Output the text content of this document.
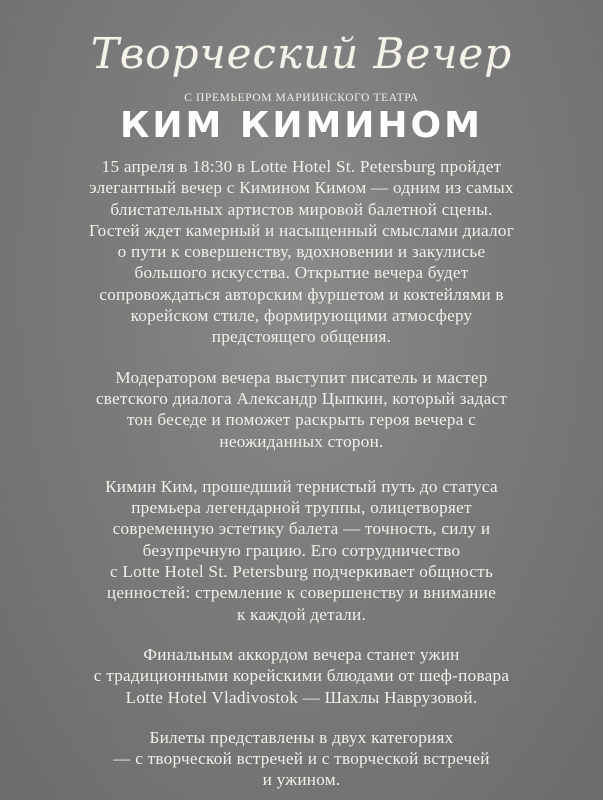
Творческий Вечер
С ПРЕМЬЕРОМ МАРИИНСКОГО ТЕАТРА
КИМ КИМИНОМ

15 апреля в 18:30 в Lotte Hotel St. Petersburg пройдет

элегантный вечер с Кимином Кимом — одним из самых

блистательных артистов мировой балетной сцены.

Гостей ждет камерный и насыщенный смыслами диалог

о пути к совершенству, вдохновении и закулисье

большого искусства. Открытие вечера будет

сопровождаться авторским фуршетом и коктейлями в

корейском стиле, формирующими атмосферу

предстоящего общения.

Модератором вечера выступит писатель и мастер

светского диалога Александр Цыпкин, который задаст

тон беседе и поможет раскрыть героя вечера с

неожиданных сторон.

Кимин Ким, прошедший тернистый путь до статуса

премьера легендарной труппы, олицетворяет

современную эстетику балета — точность, силу и

безупречную грацию. Его сотрудничество

с Lotte Hotel St. Petersburg подчеркивает общность

ценностей: стремление к совершенству и внимание

к каждой детали.

Финальным аккордом вечера станет ужин

с традиционными корейскими блюдами от шеф-повара

Lotte Hotel Vladivostok — Шахлы Наврузовой.

Билеты представлены в двух категориях

— с творческой встречей и с творческой встречей

и ужином.
